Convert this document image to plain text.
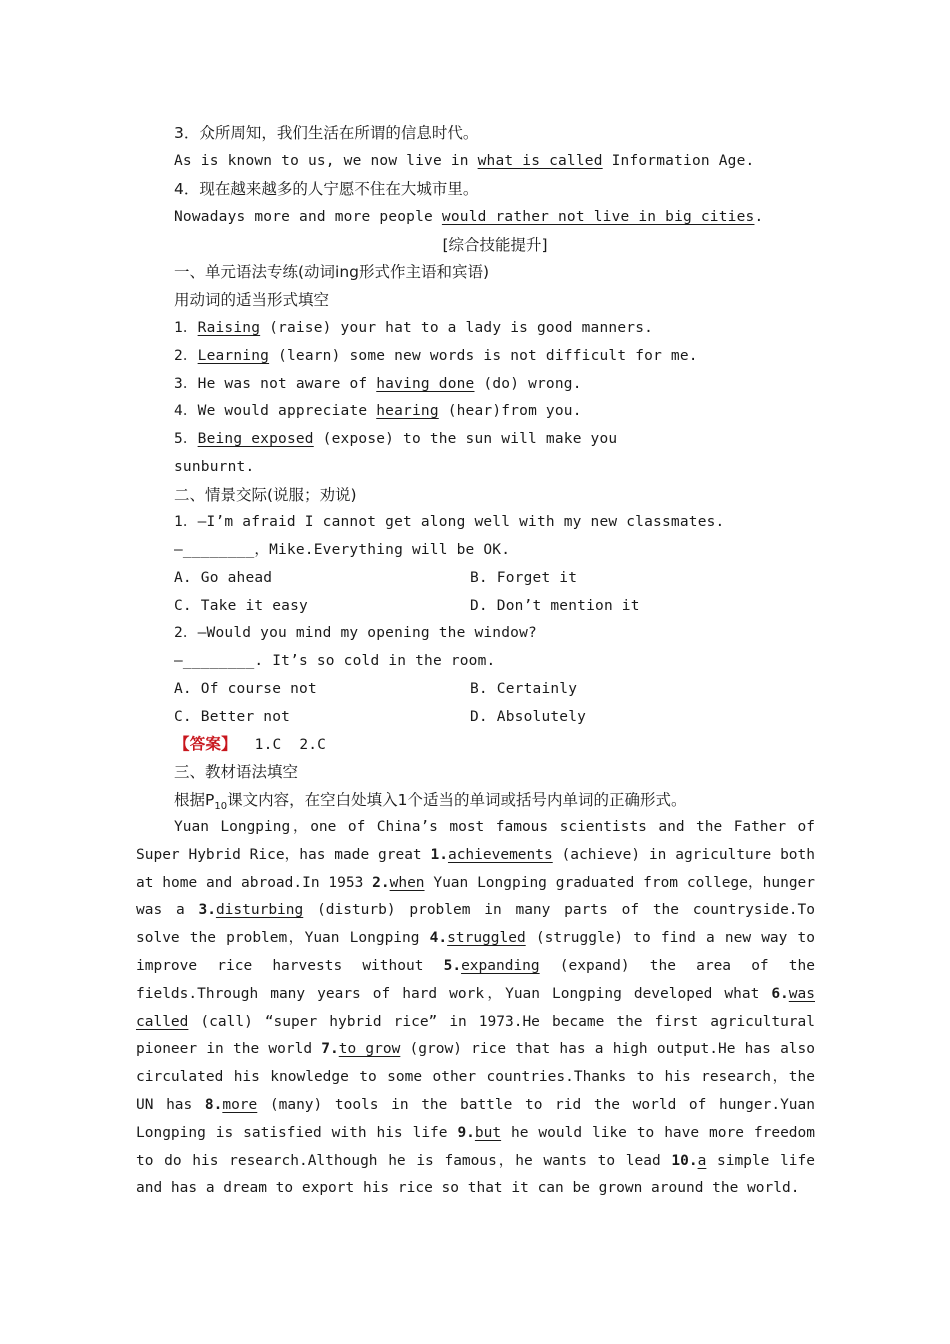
3．众所周知，我们生活在所谓的信息时代。
As is known to us, we now live in what is called Information Age.
4．现在越来越多的人宁愿不住在大城市里。
Nowadays more and more people would rather not live in big cities.
[综合技能提升]
一、单元语法专练(动词ing形式作主语和宾语)
用动词的适当形式填空
1．Raising (raise) your hat to a lady is good manners.
2．Learning (learn) some new words is not difficult for me.
3．He was not aware of having done (do) wrong.
4．We would appreciate hearing (hear)from you.
5．Being exposed (expose) to the sun will make you
sunburnt.
二、情景交际(说服；劝说)
1．—I’m afraid I cannot get along well with my new classmates.
—________，Mike.Everything will be OK.
A. Go ahead	B. Forget it
C. Take it easy	D. Don’t mention it
2．—Would you mind my opening the window?
—________. It’s so cold in the room.
A. Of course not	B. Certainly
C. Better not	D. Absolutely
【答案】  1.C  2.C
三、教材语法填空
根据$P_{10}$课文内容，在空白处填入1个适当的单词或括号内单词的正确形式。
Yuan Longping，one of China’s most famous scientists and the Father of Super Hybrid Rice，has made great 1.achievements (achieve) in agriculture both at home and abroad.In 1953 2.when Yuan Longping graduated from college，hunger was a 3.disturbing (disturb) problem in many parts of the countryside.To solve the problem，Yuan Longping 4.struggled (struggle) to find a new way to improve rice harvests without 5.expanding (expand) the area of the fields.Through many years of hard work，Yuan Longping developed what 6.was called (call) “super hybrid rice” in 1973.He became the first agricultural pioneer in the world 7.to grow (grow) rice that has a high output.He has also circulated his knowledge to some other countries.Thanks to his research，the UN has 8.more (many) tools in the battle to rid the world of hunger.Yuan Longping is satisfied with his life 9.but he would like to have more freedom to do his research.Although he is famous，he wants to lead 10.a simple life and has a dream to export his rice so that it can be grown around the world.
